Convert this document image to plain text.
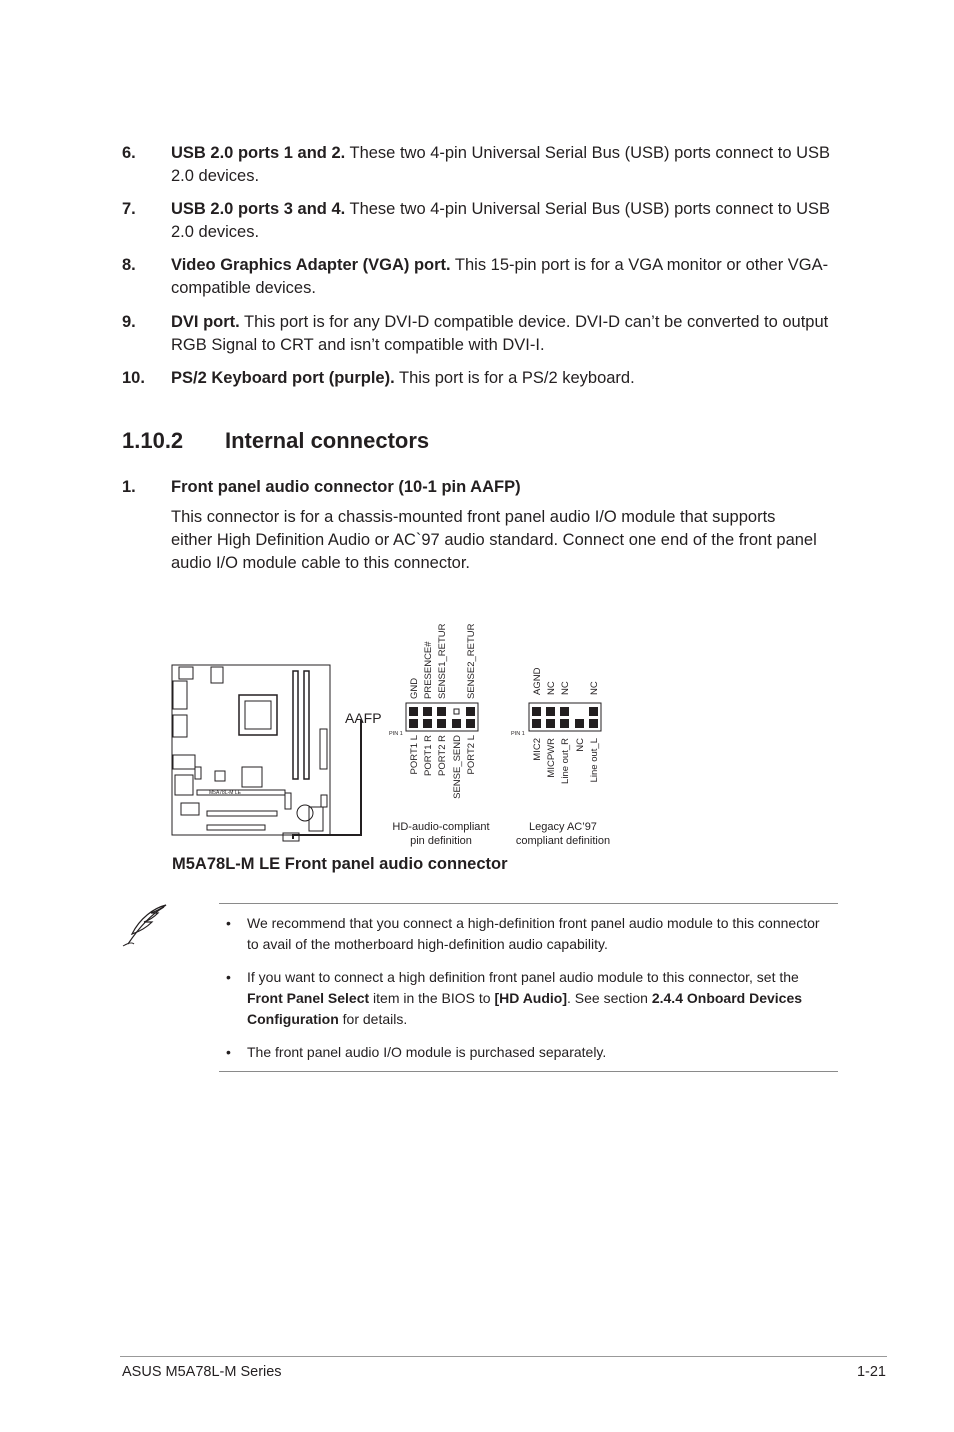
6. USB 2.0 ports 1 and 2. These two 4-pin Universal Serial Bus (USB) ports connect to USB 2.0 devices.
7. USB 2.0 ports 3 and 4. These two 4-pin Universal Serial Bus (USB) ports connect to USB 2.0 devices.
8. Video Graphics Adapter (VGA) port. This 15-pin port is for a VGA monitor or other VGA-compatible devices.
9. DVI port. This port is for any DVI-D compatible device. DVI-D can’t be converted to output RGB Signal to CRT and isn’t compatible with DVI-I.
10. PS/2 Keyboard port (purple). This port is for a PS/2 keyboard.
1.10.2 Internal connectors
1. Front panel audio connector (10-1 pin AAFP)
This connector is for a chassis-mounted front panel audio I/O module that supports either High Definition Audio or AC`97 audio standard. Connect one end of the front panel audio I/O module cable to this connector.
M5A78L-M LE
AAFP
PIN 1
GND PRESENCE# SENSE1_RETUR SENSE2_RETUR
PORT1 L PORT1 R PORT2 R SENSE_SEND PORT2 L
HD-audio-compliant
pin definition
PIN 1
AGND NC NC NC
MIC2 MICPWR Line out_R NC Line out_L
Legacy AC’97
compliant definition
M5A78L-M LE Front panel audio connector
• We recommend that you connect a high-definition front panel audio module to this connector to avail of the motherboard high-definition audio capability.
• If you want to connect a high definition front panel audio module to this connector, set the Front Panel Select item in the BIOS to [HD Audio]. See section 2.4.4 Onboard Devices Configuration for details.
• The front panel audio I/O module is purchased separately.
ASUS M5A78L-M Series	1-21
